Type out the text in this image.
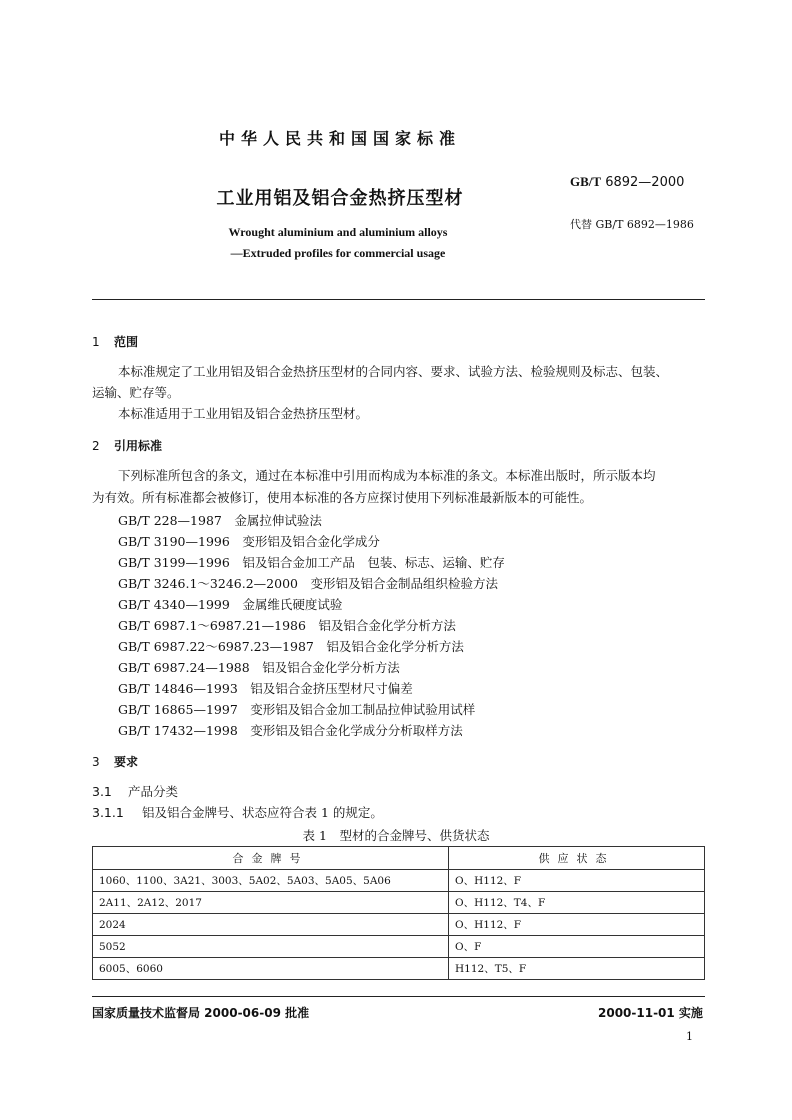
中华人民共和国国家标准
工业用铝及铝合金热挤压型材
Wrought aluminium and aluminium alloys
—Extruded profiles for commercial usage
GB/T 6892—2000
代替 GB/T 6892—1986
1 范围
本标准规定了工业用铝及铝合金热挤压型材的合同内容、要求、试验方法、检验规则及标志、包装、
运输、贮存等。
本标准适用于工业用铝及铝合金热挤压型材。
2 引用标准
下列标准所包含的条文，通过在本标准中引用而构成为本标准的条文。本标准出版时，所示版本均
为有效。所有标准都会被修订，使用本标准的各方应探讨使用下列标准最新版本的可能性。
GB/T 228—1987　金属拉伸试验法
GB/T 3190—1996　变形铝及铝合金化学成分
GB/T 3199—1996　铝及铝合金加工产品　包装、标志、运输、贮存
GB/T 3246.1～3246.2—2000　变形铝及铝合金制品组织检验方法
GB/T 4340—1999　金属维氏硬度试验
GB/T 6987.1～6987.21—1986　铝及铝合金化学分析方法
GB/T 6987.22～6987.23—1987　铝及铝合金化学分析方法
GB/T 6987.24—1988　铝及铝合金化学分析方法
GB/T 14846—1993　铝及铝合金挤压型材尺寸偏差
GB/T 16865—1997　变形铝及铝合金加工制品拉伸试验用试样
GB/T 17432—1998　变形铝及铝合金化学成分分析取样方法
3 要求
3.1 产品分类
3.1.1 铝及铝合金牌号、状态应符合表 1 的规定。
表 1　型材的合金牌号、供货状态
合金牌号	供应状态
1060、1100、3A21、3003、5A02、5A03、5A05、5A06	O、H112、F
2A11、2A12、2017	O、H112、T4、F
2024	O、H112、F
5052	O、F
6005、6060	H112、T5、F
国家质量技术监督局 2000-06-09 批准	2000-11-01 实施
1
